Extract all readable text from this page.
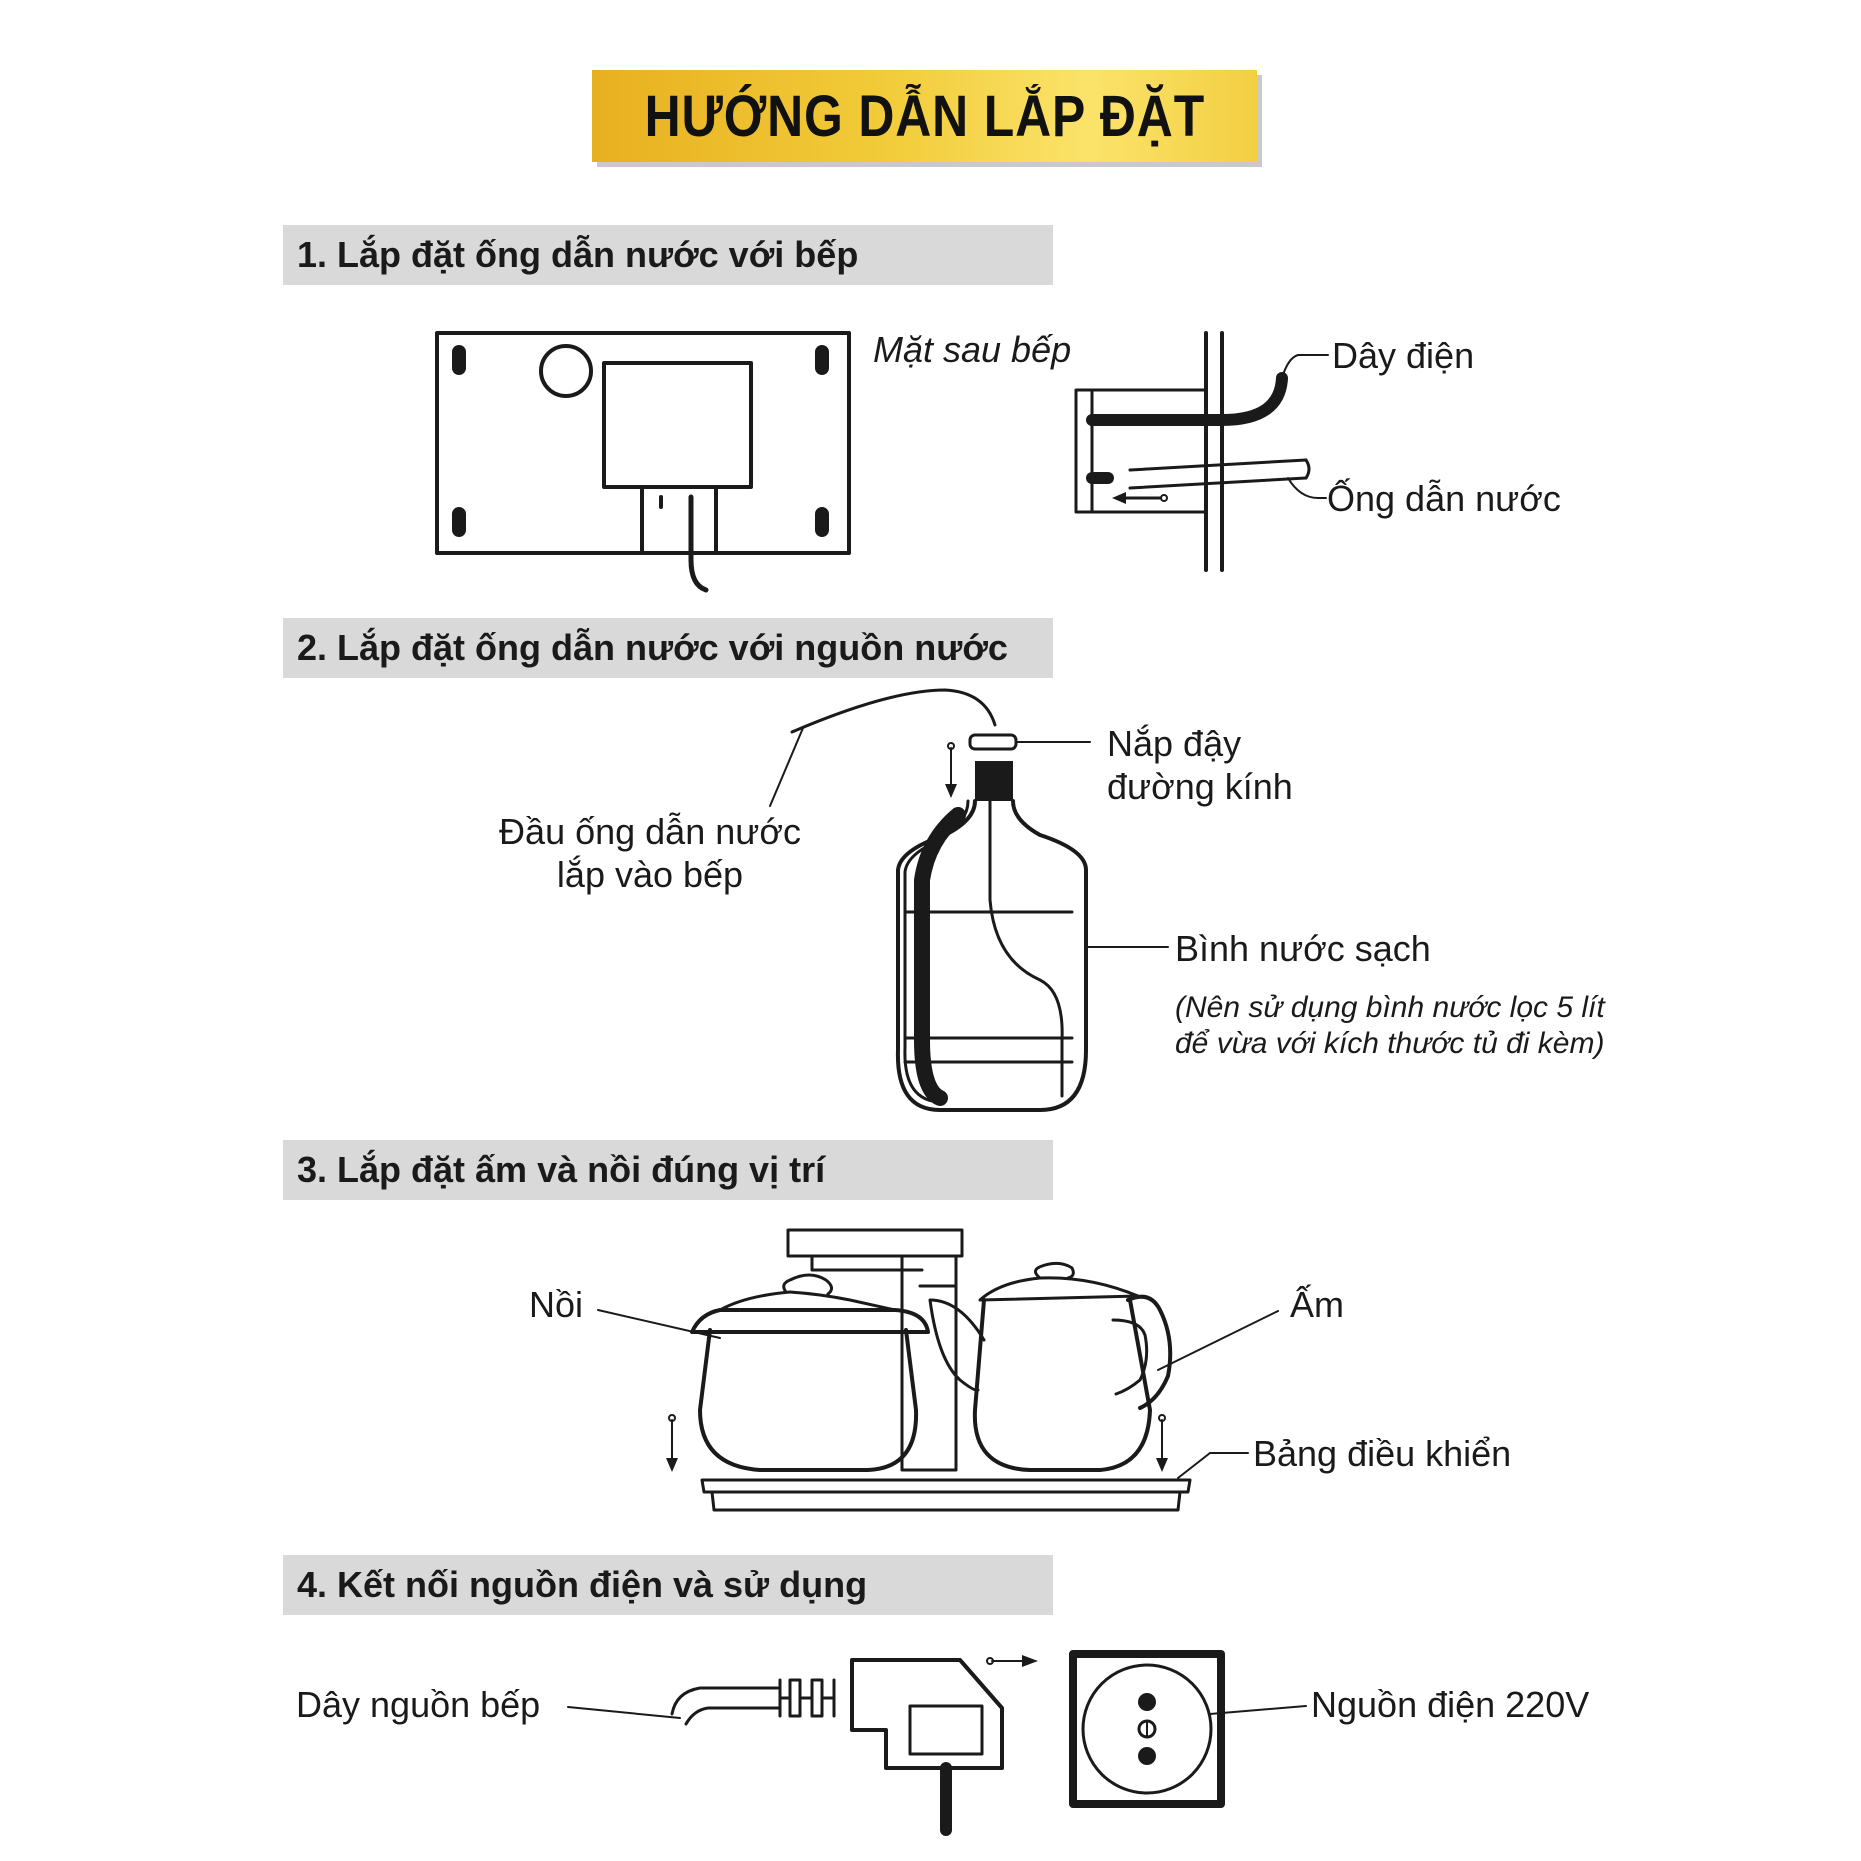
HƯỚNG DẪN LẮP ĐẶT
1. Lắp đặt ống dẫn nước với bếp
2. Lắp đặt ống dẫn nước với nguồn nước
3. Lắp đặt ấm và nồi đúng vị trí
4. Kết nối nguồn điện và sử dụng
Mặt sau bếp	Dây điện
Ống dẫn nước
Đầu ống dẫn nước
lắp vào bếp
Nắp đậy
đường kính
Bình nước sạch
(Nên sử dụng bình nước lọc 5 lít
để vừa với kích thước tủ đi kèm)
Nồi	Ấm
Bảng điều khiển
Dây nguồn bếp	Nguồn điện 220V
